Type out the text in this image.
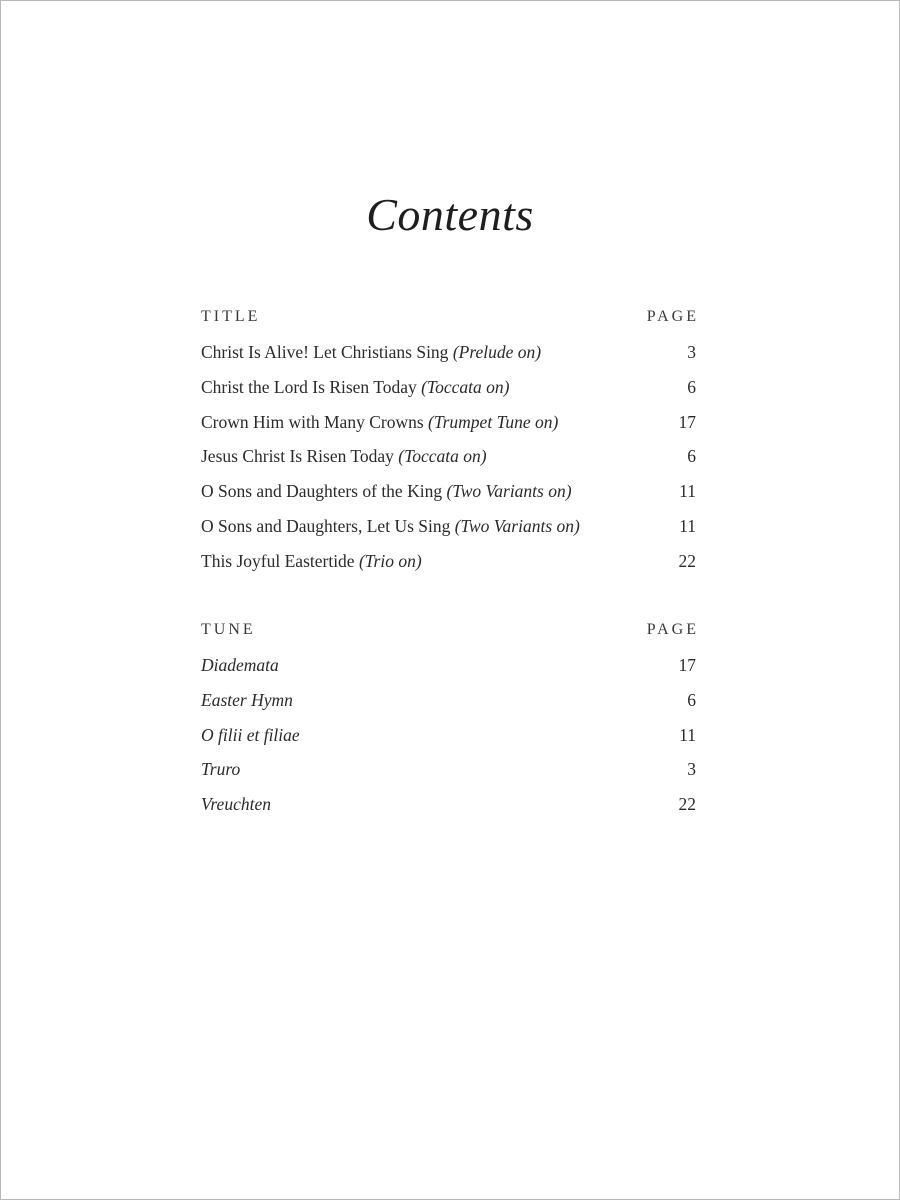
Contents
TITLE	PAGE
Christ Is Alive! Let Christians Sing (Prelude on)	3
Christ the Lord Is Risen Today (Toccata on)	6
Crown Him with Many Crowns (Trumpet Tune on)	17
Jesus Christ Is Risen Today (Toccata on)	6
O Sons and Daughters of the King (Two Variants on)	11
O Sons and Daughters, Let Us Sing (Two Variants on)	11
This Joyful Eastertide (Trio on)	22
TUNE	PAGE
Diademata	17
Easter Hymn	6
O filii et filiae	11
Truro	3
Vreuchten	22
